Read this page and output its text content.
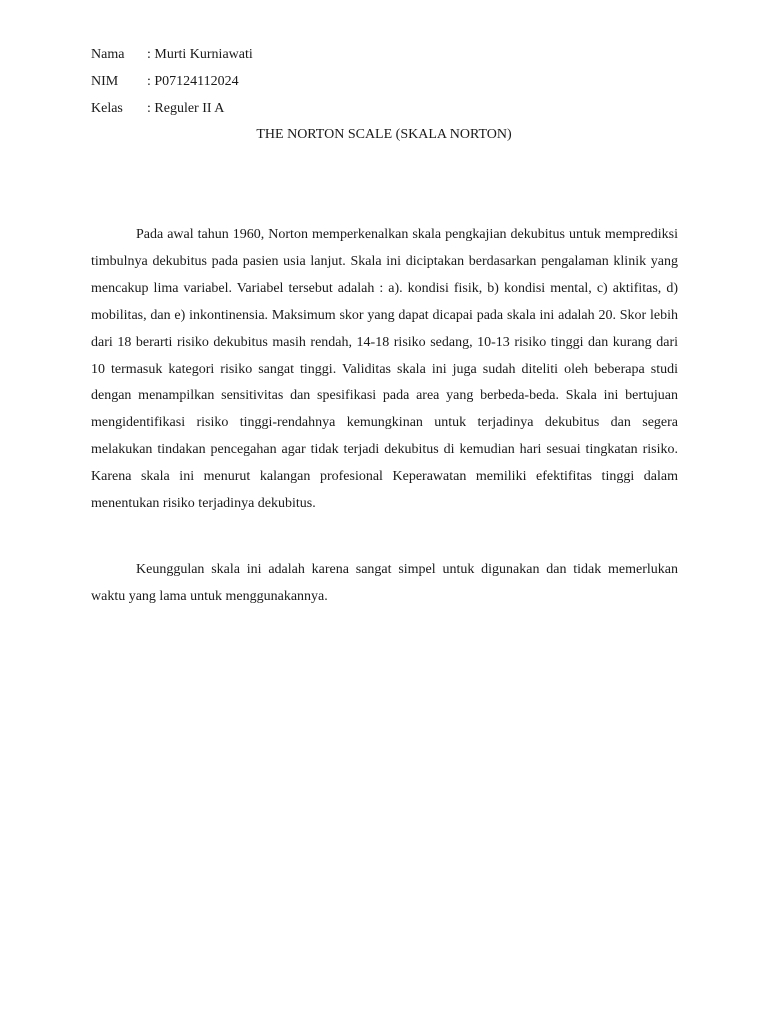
Nama : Murti Kurniawati
NIM : P07124112024
Kelas : Reguler II A
THE NORTON SCALE (SKALA NORTON)

Pada awal tahun 1960, Norton memperkenalkan skala pengkajian dekubitus untuk memprediksi timbulnya dekubitus pada pasien usia lanjut. Skala ini diciptakan berdasarkan pengalaman klinik yang mencakup lima variabel. Variabel tersebut adalah : a). kondisi fisik, b) kondisi mental, c) aktifitas, d) mobilitas, dan e) inkontinensia. Maksimum skor yang dapat dicapai pada skala ini adalah 20. Skor lebih dari 18 berarti risiko dekubitus masih rendah, 14-18 risiko sedang, 10-13 risiko tinggi dan kurang dari 10 termasuk kategori risiko sangat tinggi. Validitas skala ini juga sudah diteliti oleh beberapa studi dengan menampilkan sensitivitas dan spesifikasi pada area yang berbeda-beda. Skala ini bertujuan mengidentifikasi risiko tinggi-rendahnya kemungkinan untuk terjadinya dekubitus dan segera melakukan tindakan pencegahan agar tidak terjadi dekubitus di kemudian hari sesuai tingkatan risiko. Karena skala ini menurut kalangan profesional Keperawatan memiliki efektifitas tinggi dalam menentukan risiko terjadinya dekubitus.

Keunggulan skala ini adalah karena sangat simpel untuk digunakan dan tidak memerlukan waktu yang lama untuk menggunakannya.
